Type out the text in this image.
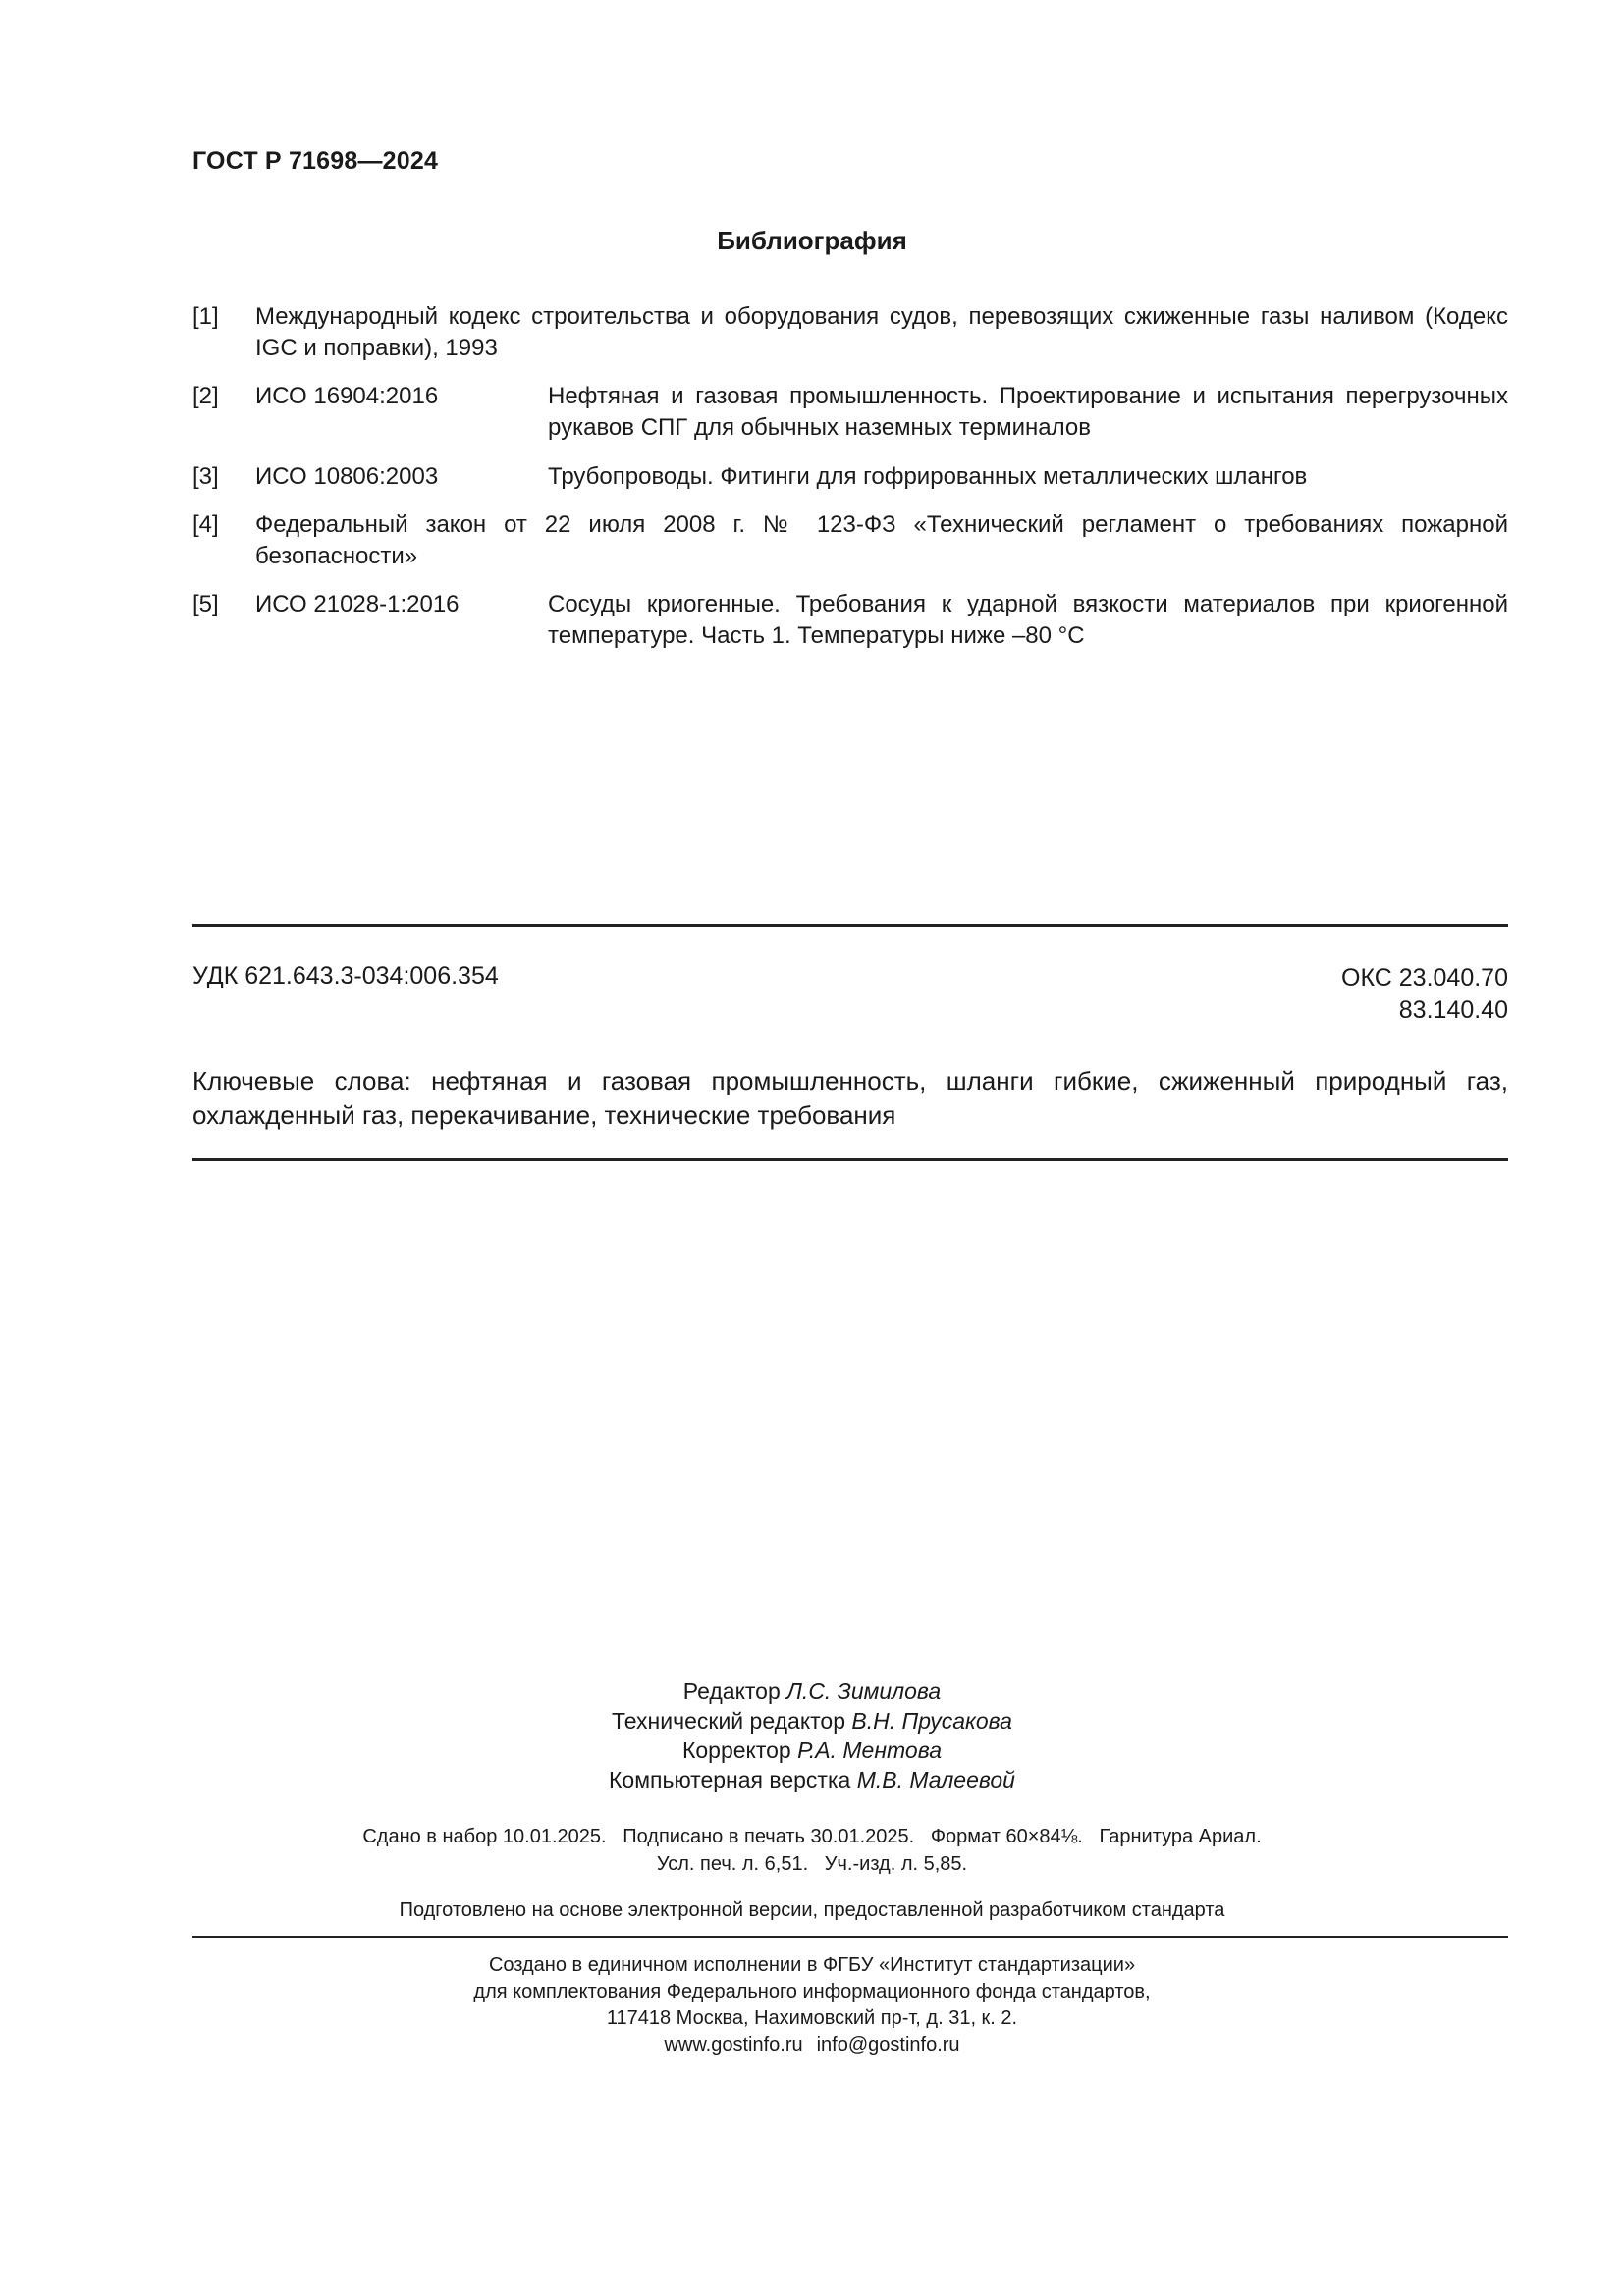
ГОСТ Р 71698—2024
Библиография
[1] Международный кодекс строительства и оборудования судов, перевозящих сжиженные газы наливом (Кодекс IGC и поправки), 1993
[2] ИСО 16904:2016	Нефтяная и газовая промышленность. Проектирование и испытания перегрузочных рукавов СПГ для обычных наземных терминалов
[3] ИСО 10806:2003	Трубопроводы. Фитинги для гофрированных металлических шлангов
[4] Федеральный закон от 22 июля 2008 г. № 123-ФЗ «Технический регламент о требованиях пожарной безопасности»
[5] ИСО 21028-1:2016	Сосуды криогенные. Требования к ударной вязкости материалов при криогенной температуре. Часть 1. Температуры ниже –80 °C
УДК 621.643.3-034:006.354	ОКС 23.040.70
83.140.40
Ключевые слова: нефтяная и газовая промышленность, шланги гибкие, сжиженный природный газ, охлажденный газ, перекачивание, технические требования
Редактор Л.С. Зимилова
Технический редактор В.Н. Прусакова
Корректор Р.А. Ментова
Компьютерная верстка М.В. Малеевой
Сдано в набор 10.01.2025.   Подписано в печать 30.01.2025.   Формат 60×84⅛.   Гарнитура Ариал.
Усл. печ. л. 6,51.   Уч.-изд. л. 5,85.
Подготовлено на основе электронной версии, предоставленной разработчиком стандарта
Создано в единичном исполнении в ФГБУ «Институт стандартизации»
для комплектования Федерального информационного фонда стандартов,
117418 Москва, Нахимовский пр-т, д. 31, к. 2.
www.gostinfo.ru info@gostinfo.ru
